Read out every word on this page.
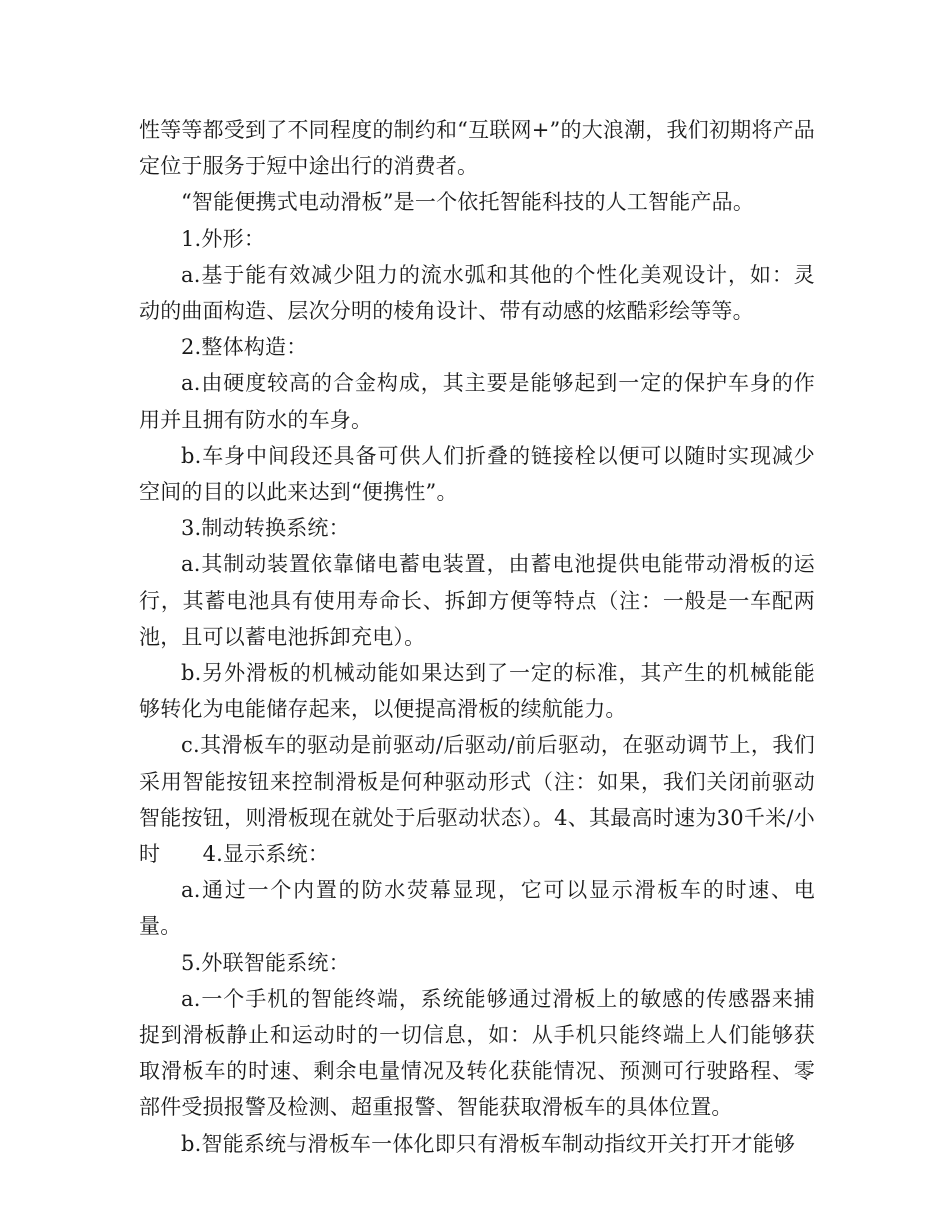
性等等都受到了不同程度的制约和“互联网+”的大浪潮，我们初期将产品定位于服务于短中途出行的消费者。

“智能便携式电动滑板”是一个依托智能科技的人工智能产品。

1.外形：

a.基于能有效减少阻力的流水弧和其他的个性化美观设计，如：灵动的曲面构造、层次分明的棱角设计、带有动感的炫酷彩绘等等。

2.整体构造：

a.由硬度较高的合金构成，其主要是能够起到一定的保护车身的作用并且拥有防水的车身。

b.车身中间段还具备可供人们折叠的链接栓以便可以随时实现减少空间的目的以此来达到“便携性”。

3.制动转换系统：

a.其制动装置依靠储电蓄电装置，由蓄电池提供电能带动滑板的运行，其蓄电池具有使用寿命长、拆卸方便等特点（注：一般是一车配两池，且可以蓄电池拆卸充电）。

b.另外滑板的机械动能如果达到了一定的标准，其产生的机械能能够转化为电能储存起来，以便提高滑板的续航能力。

c.其滑板车的驱动是前驱动/后驱动/前后驱动，在驱动调节上，我们采用智能按钮来控制滑板是何种驱动形式（注：如果，我们关闭前驱动智能按钮，则滑板现在就处于后驱动状态）。4、其最高时速为30千米/小时　　4.显示系统：

a.通过一个内置的防水荧幕显现，它可以显示滑板车的时速、电量。

5.外联智能系统：

a.一个手机的智能终端，系统能够通过滑板上的敏感的传感器来捕捉到滑板静止和运动时的一切信息，如：从手机只能终端上人们能够获取滑板车的时速、剩余电量情况及转化获能情况、预测可行驶路程、零部件受损报警及检测、超重报警、智能获取滑板车的具体位置。

b.智能系统与滑板车一体化即只有滑板车制动指纹开关打开才能够
